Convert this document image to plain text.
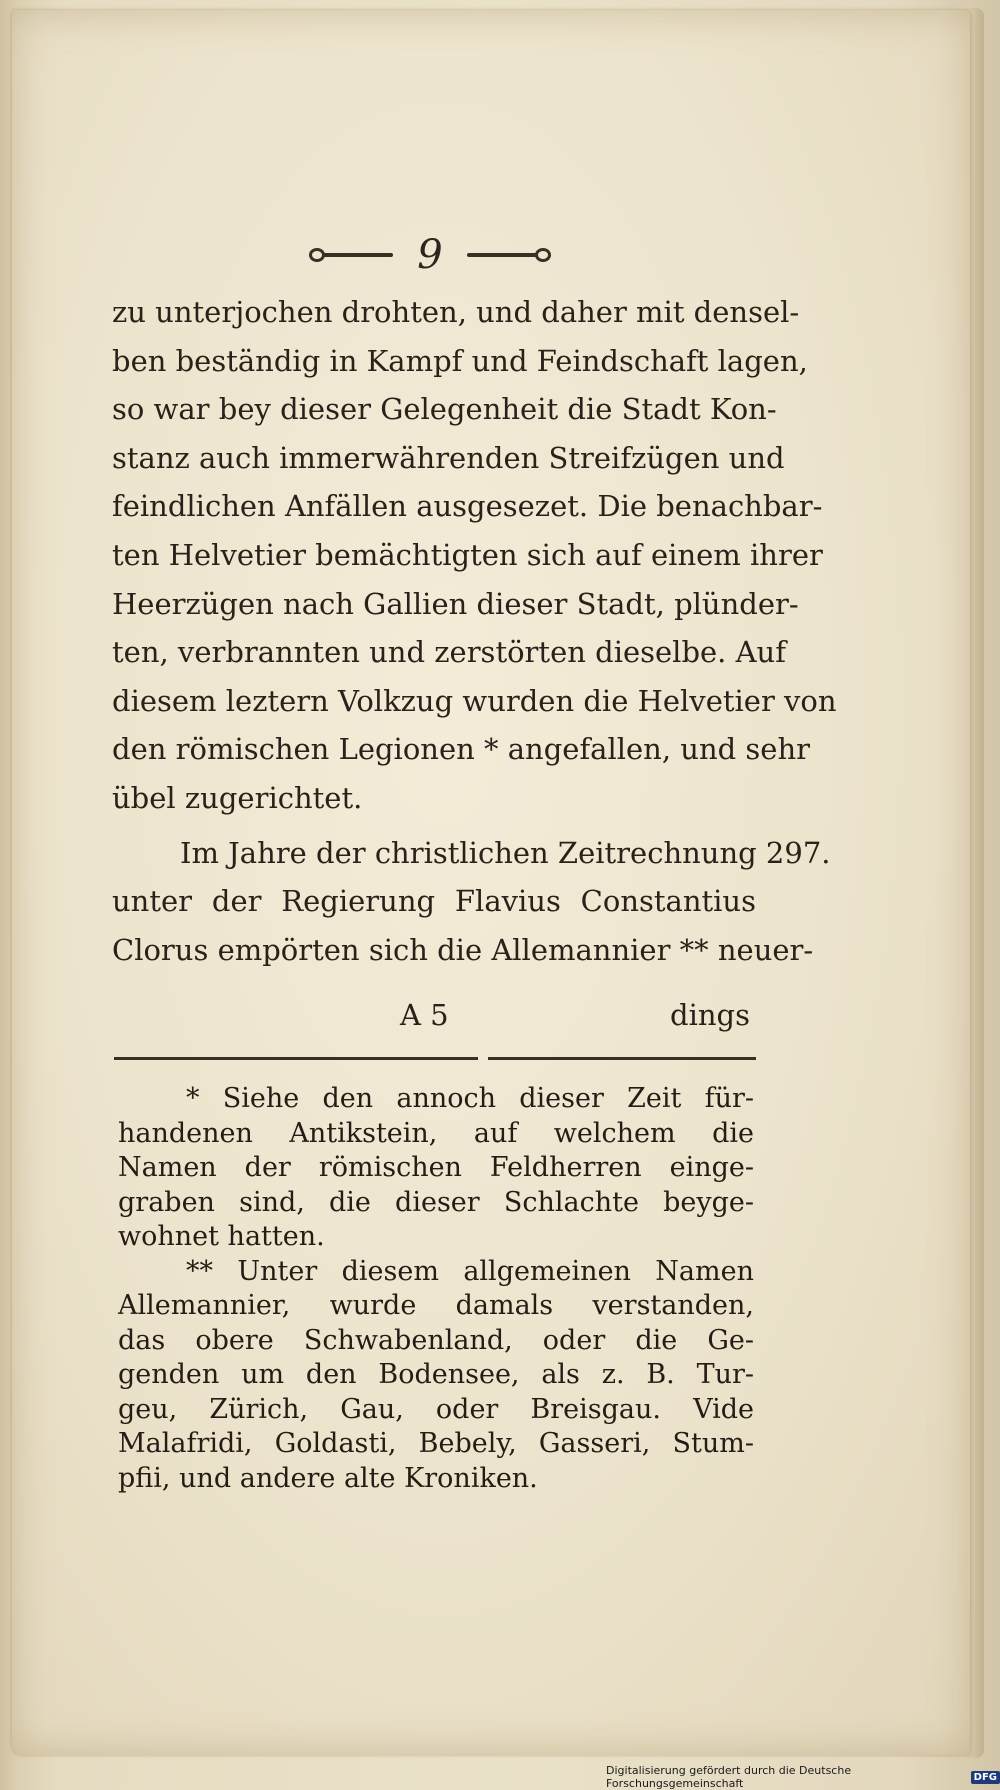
9
zu unterjochen drohten, und daher mit densel-
ben beständig in Kampf und Feindschaft lagen,
so war bey dieser Gelegenheit die Stadt Kon-
stanz auch immerwährenden Streifzügen und
feindlichen Anfällen ausgesezet. Die benachbar-
ten Helvetier bemächtigten sich auf einem ihrer
Heerzügen nach Gallien dieser Stadt, plünder-
ten, verbrannten und zerstörten dieselbe. Auf
diesem leztern Volkzug wurden die Helvetier von
den römischen Legionen * angefallen, und sehr
übel zugerichtet.
Im Jahre der christlichen Zeitrechnung 297.
unter der Regierung Flavius Constantius
Clorus empörten sich die Allemannier ** neuer-
A 5	dings
* Siehe den annoch dieser Zeit für-
handenen Antikstein, auf welchem die
Namen der römischen Feldherren einge-
graben sind, die dieser Schlachte beyge-
wohnet hatten.
** Unter diesem allgemeinen Namen
Allemannier, wurde damals verstanden,
das obere Schwabenland, oder die Ge-
genden um den Bodensee, als z. B. Tur-
geu, Zürich, Gau, oder Breisgau. Vide
Malafridi, Goldasti, Bebely, Gasseri, Stum-
pfii, und andere alte Kroniken.
Digitalisierung gefördert durch die Deutsche Forschungsgemeinschaft	DFG
